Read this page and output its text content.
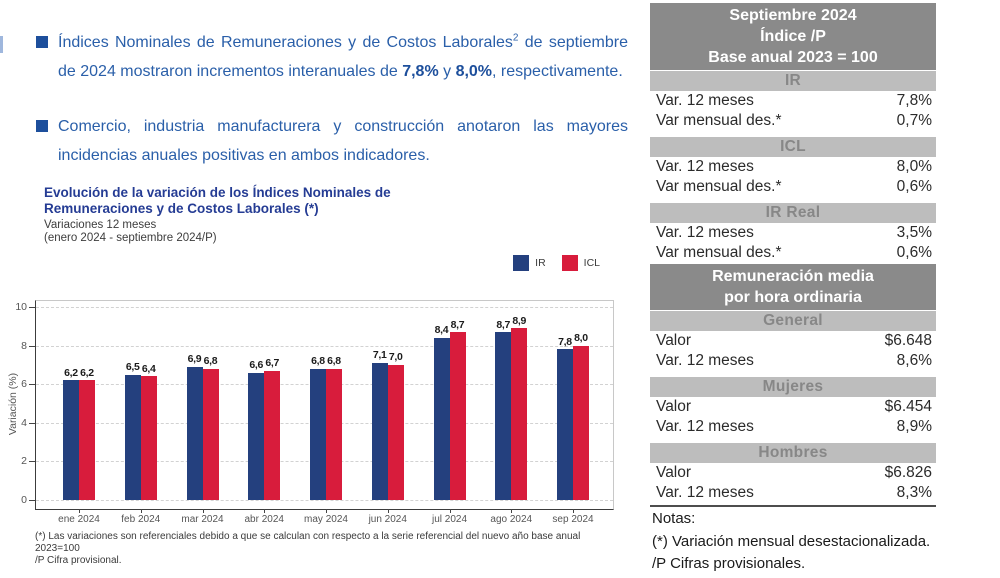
Índices Nominales de Remuneraciones y de Costos Laborales$^2$ de septiembre de 2024 mostraron incrementos interanuales de 7,8% y 8,0%, respectivamente.

Comercio, industria manufacturera y construcción anotaron las mayores incidencias anuales positivas en ambos indicadores.

Evolución de la variación de los Índices Nominales de Remuneraciones y de Costos Laborales (*)
Variaciones 12 meses
(enero 2024 - septiembre 2024/P)
IR	ICL
0
2
4
6
8
10
ene 2024
6,2 6,2
feb 2024
6,5 6,4
mar 2024
6,9 6,8
abr 2024
6,6 6,7
may 2024
6,8 6,8
jun 2024
7,1 7,0
jul 2024
8,4 8,7
ago 2024
8,7 8,9
sep 2024
7,8 8,0
Variación (%)
(*) Las variaciones son referenciales debido a que se calculan con respecto a la serie referencial del nuevo año base anual 2023=100
/P Cifra provisional.
Septiembre 2024
Índice /P
Base anual 2023 = 100
IR
Var. 12 meses	7,8%
Var mensual des.*	0,7%
ICL
Var. 12 meses	8,0%
Var mensual des.*	0,6%
IR Real
Var. 12 meses	3,5%
Var mensual des.*	0,6%
Remuneración media
por hora ordinaria
General
Valor	$6.648
Var. 12 meses	8,6%
Mujeres
Valor	$6.454
Var. 12 meses	8,9%
Hombres
Valor	$6.826
Var. 12 meses	8,3%
Notas:
(*) Variación mensual desestacionalizada.
/P Cifras provisionales.
